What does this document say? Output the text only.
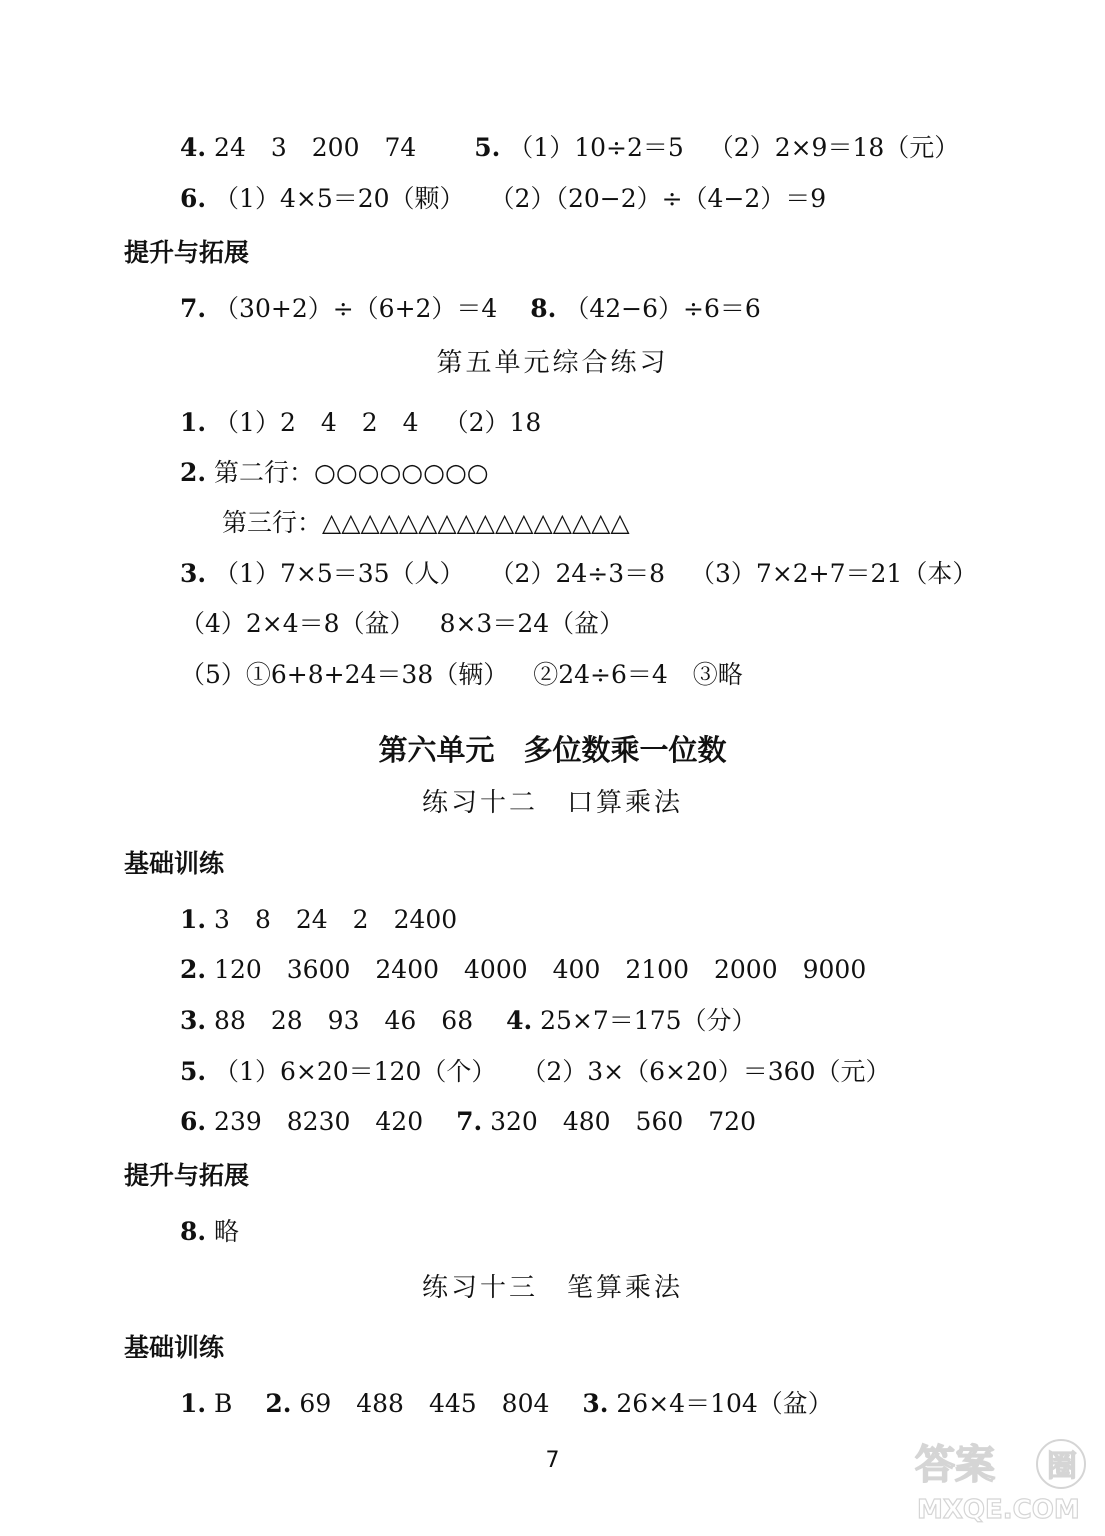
4. 24 3 200 74   5. （1）10÷2＝5 （2）2×9＝18（元）
6. （1）4×5＝20（颗） （2）（20−2）÷（4−2）＝9
提升与拓展
7. （30+2）÷（6+2）＝4  8. （42−6）÷6＝6
第五单元综合练习
1. （1）2 4 2 4 （2）18
2. 第二行：○○○○○○○○
第三行：△△△△△△△△△△△△△△△△
3. （1）7×5＝35（人） （2）24÷3＝8 （3）7×2+7＝21（本）
（4）2×4＝8（盆） 8×3＝24（盆）
（5）①6+8+24＝38（辆） ②24÷6＝4 ③略
第六单元　多位数乘一位数
练习十二　口算乘法
基础训练
1. 3 8 24 2 2400
2. 120 3600 2400 4000 400 2100 2000 9000
3. 88 28 93 46 68  4. 25×7＝175（分）
5. （1）6×20＝120（个） （2）3×（6×20）＝360（元）
6. 239 8230 420  7. 320 480 560 720
提升与拓展
8. 略
练习十三　笔算乘法
基础训练
1. B  2. 69 488 445 804  3. 26×4＝104（盆）
7	答案 圈
MXQE.COM
